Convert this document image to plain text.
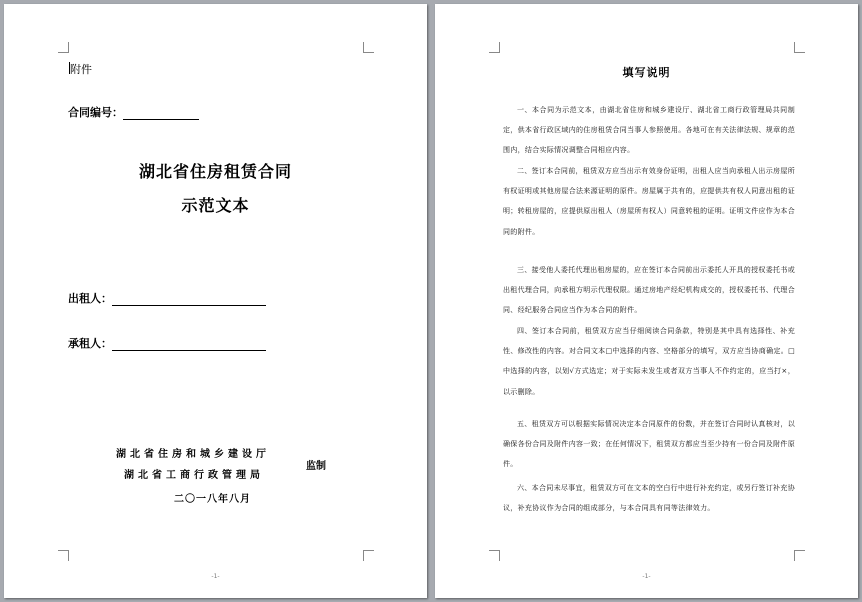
附件
合同编号：
湖北省住房租赁合同
示范文本
出租人：
承租人：
湖北省住房和城乡建设厅
湖北省工商行政管理局
监制
二〇一八年八月
-1-
填写说明
一、本合同为示范文本，由湖北省住房和城乡建设厅、湖北省工商行政管理局共同制定，供本省行政区域内的住房租赁合同当事人参照使用。各地可在有关法律法规、规章的范围内，结合实际情况调整合同相应内容。
二、签订本合同前，租赁双方应当出示有效身份证明，出租人应当向承租人出示房屋所有权证明或其他房屋合法来源证明的原件。房屋属于共有的，应提供共有权人同意出租的证明；转租房屋的，应提供原出租人（房屋所有权人）同意转租的证明。证明文件应作为本合同的附件。
三、接受他人委托代理出租房屋的，应在签订本合同前出示委托人开具的授权委托书或出租代理合同，向承租方明示代理权限。通过房地产经纪机构成交的，授权委托书、代理合同、经纪服务合同应当作为本合同的附件。
四、签订本合同前，租赁双方应当仔细阅读合同条款，特别是其中具有选择性、补充性、修改性的内容。对合同文本□中选择的内容、空格部分的填写，双方应当协商确定。□中选择的内容，以划√方式选定；对于实际未发生或者双方当事人不作约定的，应当打×，以示删除。
五、租赁双方可以根据实际情况决定本合同原件的份数，并在签订合同时认真核对，以确保各份合同及附件内容一致；在任何情况下，租赁双方都应当至少持有一份合同及附件原件。
六、本合同未尽事宜，租赁双方可在文本的空白行中进行补充约定，或另行签订补充协议，补充协议作为合同的组成部分，与本合同具有同等法律效力。
-1-
